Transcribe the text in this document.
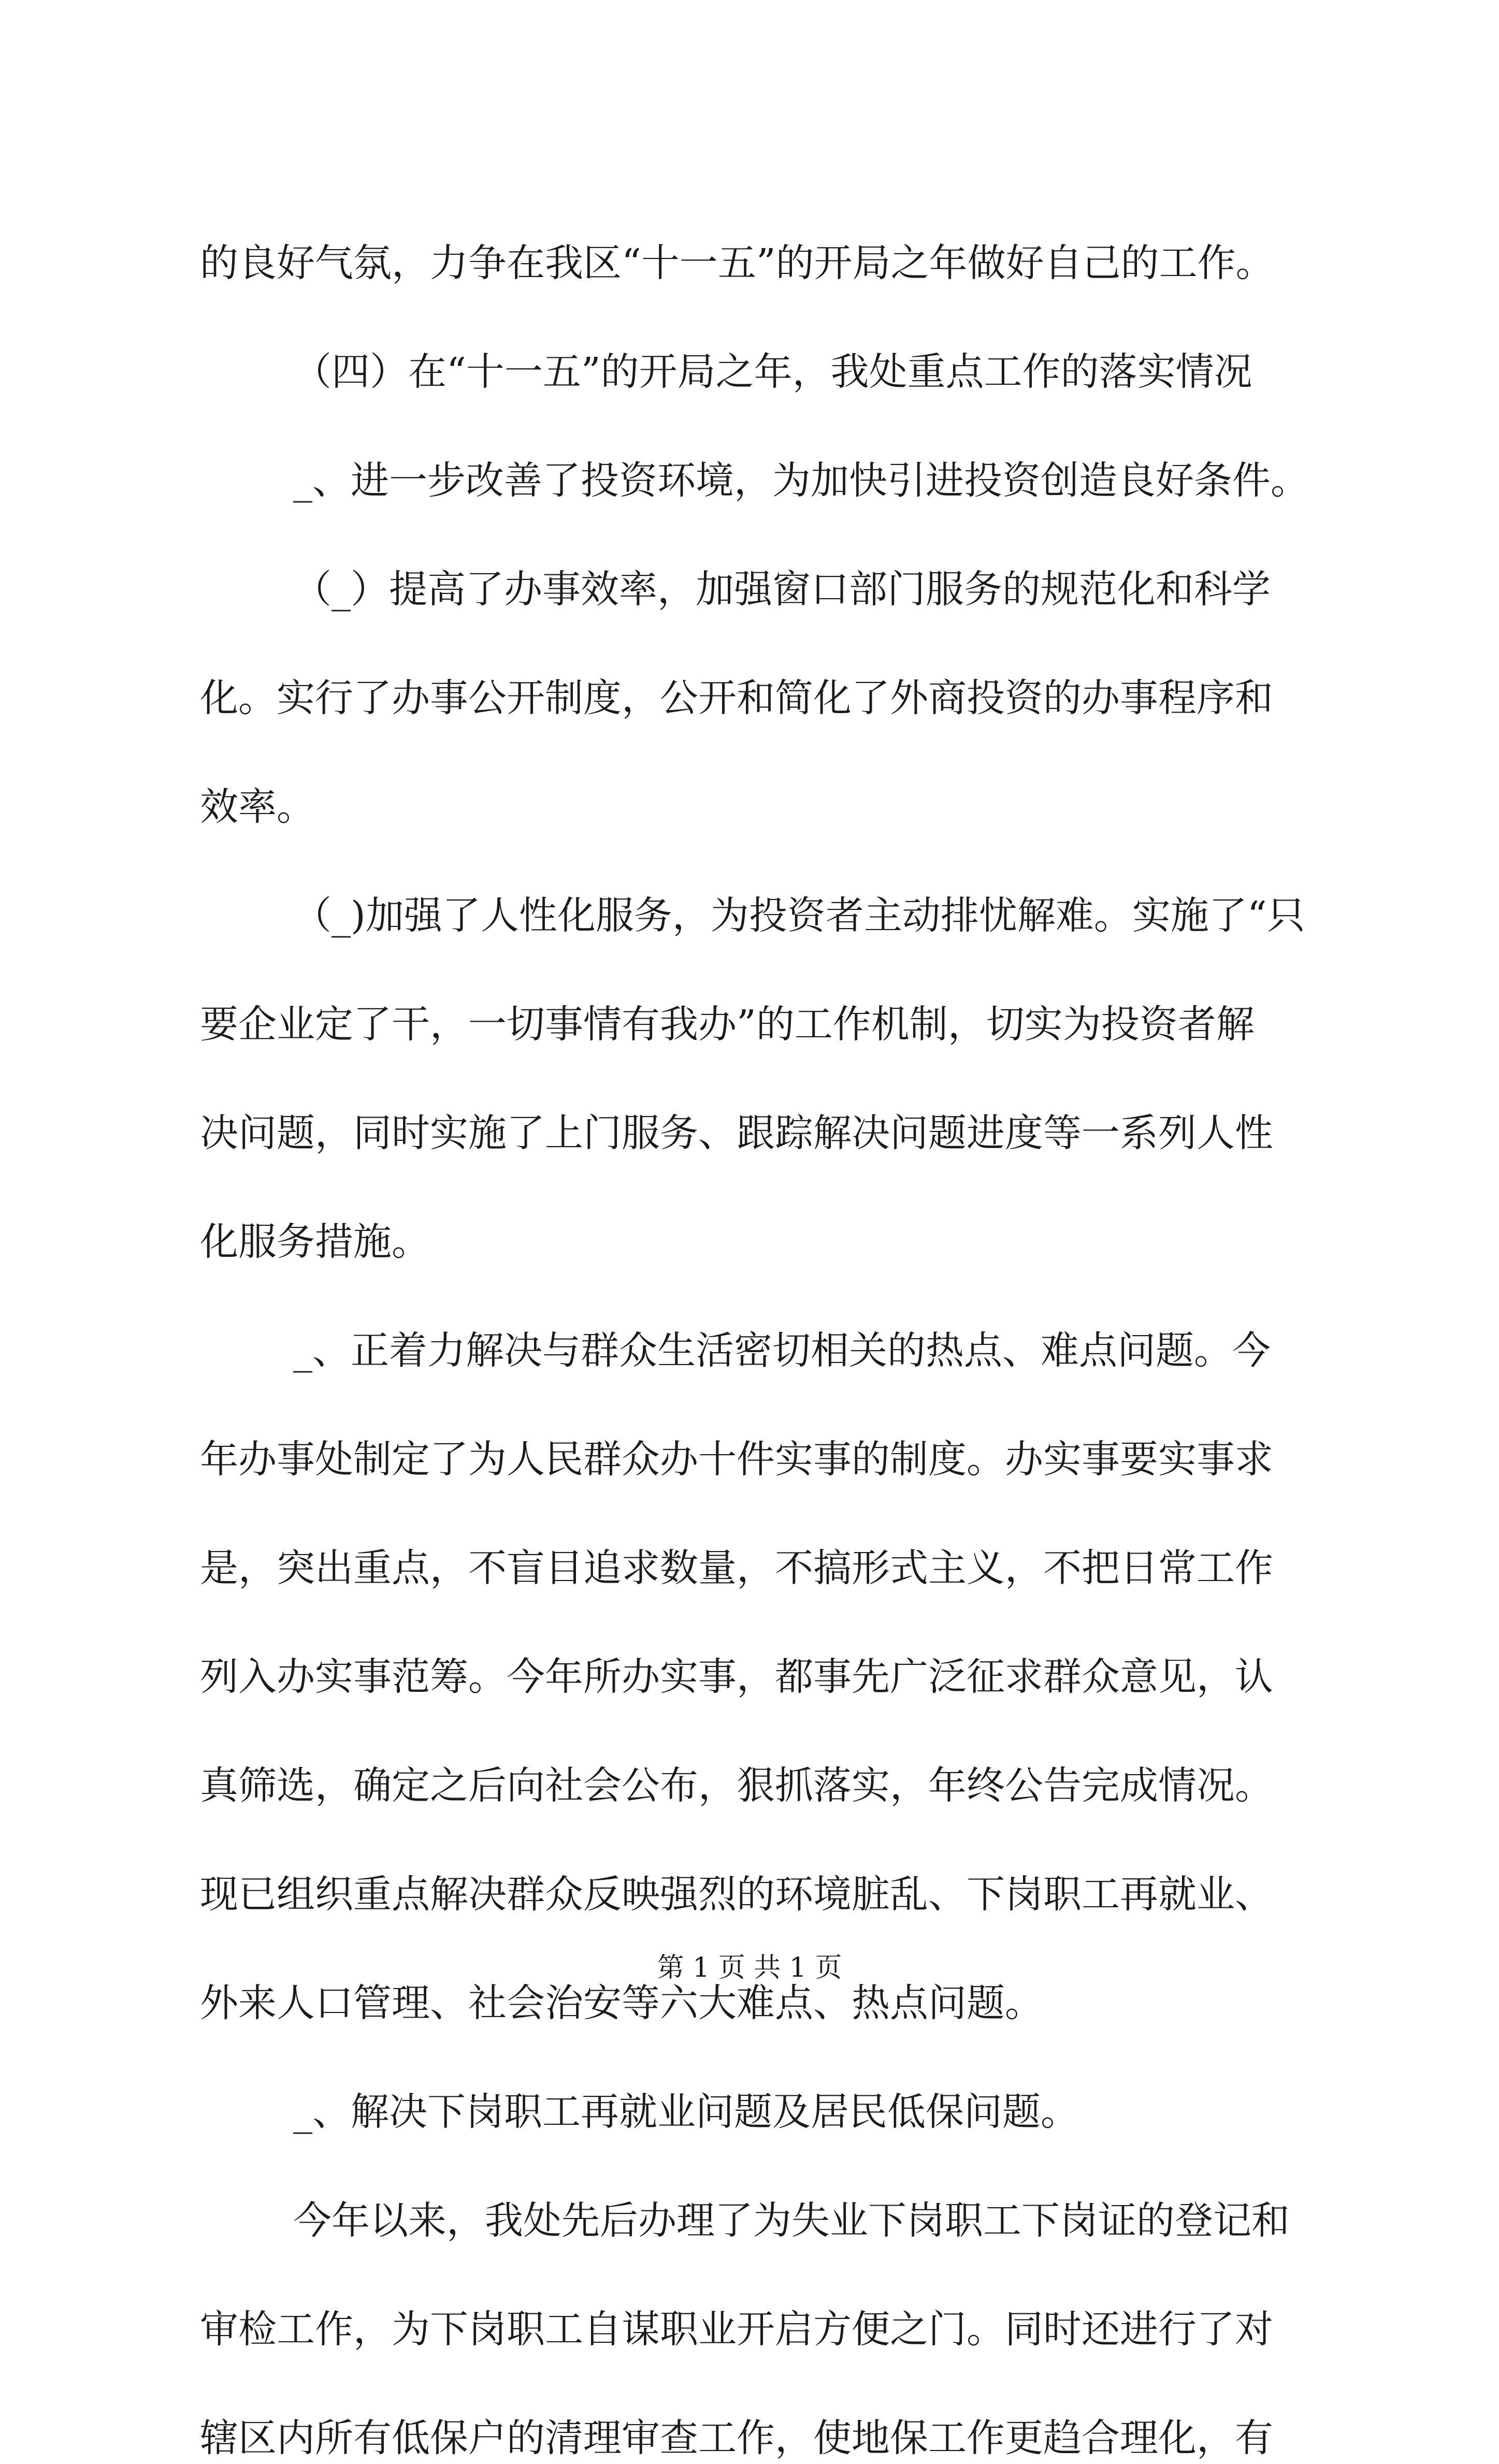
的良好气氛，力争在我区“十一五”的开局之年做好自己的工作。
（四）在“十一五”的开局之年，我处重点工作的落实情况
_、进一步改善了投资环境，为加快引进投资创造良好条件。
（_）提高了办事效率，加强窗口部门服务的规范化和科学
化。实行了办事公开制度，公开和简化了外商投资的办事程序和
效率。
（_)加强了人性化服务，为投资者主动排忧解难。实施了“只
要企业定了干，一切事情有我办”的工作机制，切实为投资者解
决问题，同时实施了上门服务、跟踪解决问题进度等一系列人性
化服务措施。
_、正着力解决与群众生活密切相关的热点、难点问题。今
年办事处制定了为人民群众办十件实事的制度。办实事要实事求
是，突出重点，不盲目追求数量，不搞形式主义，不把日常工作
列入办实事范筹。今年所办实事，都事先广泛征求群众意见，认
真筛选，确定之后向社会公布，狠抓落实，年终公告完成情况。
现已组织重点解决群众反映强烈的环境脏乱、下岗职工再就业、
外来人口管理、社会治安等六大难点、热点问题。
_、解决下岗职工再就业问题及居民低保问题。
今年以来，我处先后办理了为失业下岗职工下岗证的登记和
审检工作，为下岗职工自谋职业开启方便之门。同时还进行了对
辖区内所有低保户的清理审查工作，使地保工作更趋合理化，有
第 1 页 共 1 页
